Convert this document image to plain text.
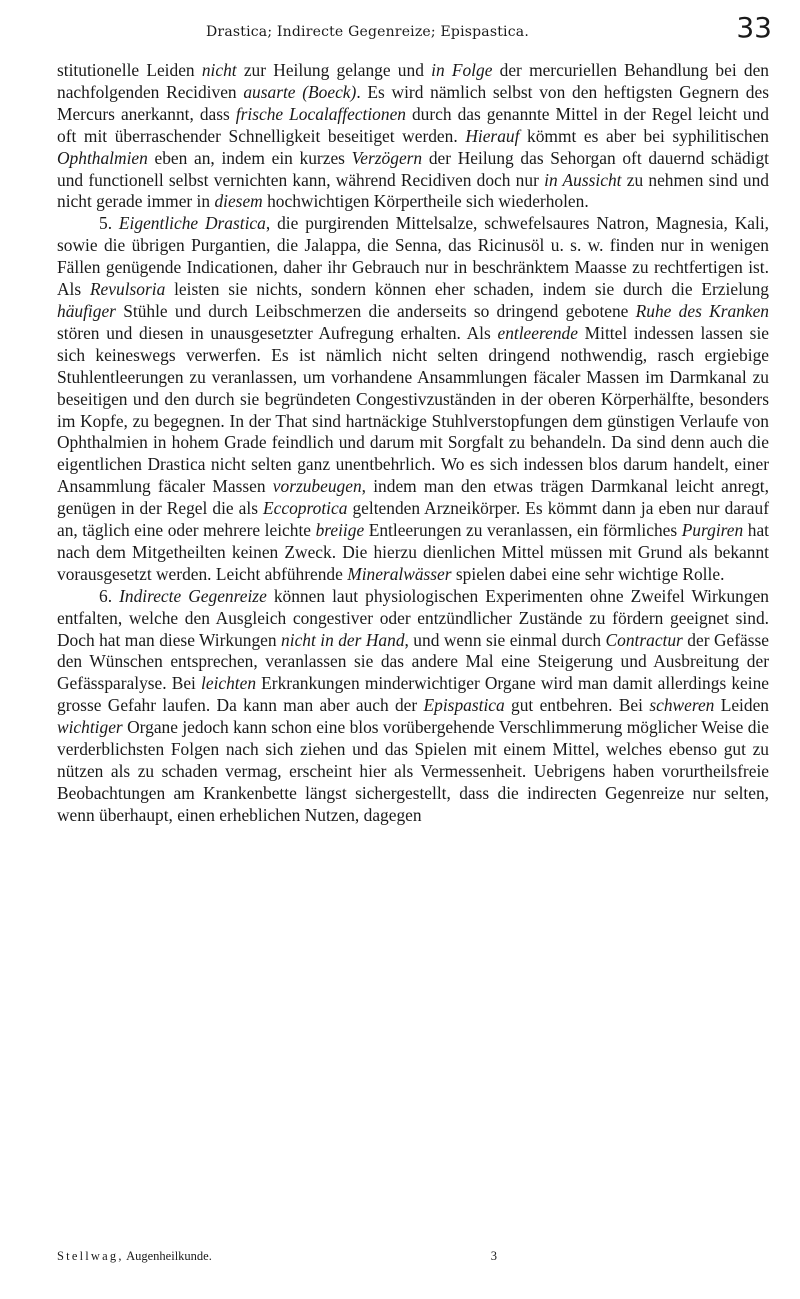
Drastica; Indirecte Gegenreize; Epispastica.	33

stitutionelle Leiden nicht zur Heilung gelange und in Folge der mercuriellen Behandlung bei den nachfolgenden Recidiven ausarte (Boeck). Es wird nämlich selbst von den heftigsten Gegnern des Mercurs anerkannt, dass frische Localaffectionen durch das genannte Mittel in der Regel leicht und oft mit überraschender Schnelligkeit beseitiget werden. Hierauf kömmt es aber bei syphilitischen Ophthalmien eben an, indem ein kurzes Verzögern der Heilung das Sehorgan oft dauernd schädigt und functionell selbst vernichten kann, während Recidiven doch nur in Aussicht zu nehmen sind und nicht gerade immer in diesem hochwichtigen Körpertheile sich wiederholen.

5. Eigentliche Drastica, die purgirenden Mittelsalze, schwefelsaures Natron, Magnesia, Kali, sowie die übrigen Purgantien, die Jalappa, die Senna, das Ricinusöl u. s. w. finden nur in wenigen Fällen genügende Indicationen, daher ihr Gebrauch nur in beschränktem Maasse zu rechtfertigen ist. Als Revulsoria leisten sie nichts, sondern können eher schaden, indem sie durch die Erzielung häufiger Stühle und durch Leibschmerzen die anderseits so dringend gebotene Ruhe des Kranken stören und diesen in unausgesetzter Aufregung erhalten. Als entleerende Mittel indessen lassen sie sich keineswegs verwerfen. Es ist nämlich nicht selten dringend nothwendig, rasch ergiebige Stuhlentleerungen zu veranlassen, um vorhandene Ansammlungen fäcaler Massen im Darmkanal zu beseitigen und den durch sie begründeten Congestivzuständen in der oberen Körperhälfte, besonders im Kopfe, zu begegnen. In der That sind hartnäckige Stuhlverstopfungen dem günstigen Verlaufe von Ophthalmien in hohem Grade feindlich und darum mit Sorgfalt zu behandeln. Da sind denn auch die eigentlichen Drastica nicht selten ganz unentbehrlich. Wo es sich indessen blos darum handelt, einer Ansammlung fäcaler Massen vorzubeugen, indem man den etwas trägen Darmkanal leicht anregt, genügen in der Regel die als Eccoprotica geltenden Arzneikörper. Es kömmt dann ja eben nur darauf an, täglich eine oder mehrere leichte breiige Entleerungen zu veranlassen, ein förmliches Purgiren hat nach dem Mitgetheilten keinen Zweck. Die hierzu dienlichen Mittel müssen mit Grund als bekannt vorausgesetzt werden. Leicht abführende Mineralwässer spielen dabei eine sehr wichtige Rolle.

6. Indirecte Gegenreize können laut physiologischen Experimenten ohne Zweifel Wirkungen entfalten, welche den Ausgleich congestiver oder entzündlicher Zustände zu fördern geeignet sind. Doch hat man diese Wirkungen nicht in der Hand, und wenn sie einmal durch Contractur der Gefässe den Wünschen entsprechen, veranlassen sie das andere Mal eine Steigerung und Ausbreitung der Gefässparalyse. Bei leichten Erkrankungen minderwichtiger Organe wird man damit allerdings keine grosse Gefahr laufen. Da kann man aber auch der Epispastica gut entbehren. Bei schweren Leiden wichtiger Organe jedoch kann schon eine blos vorübergehende Verschlimmerung möglicher Weise die verderblichsten Folgen nach sich ziehen und das Spielen mit einem Mittel, welches ebenso gut zu nützen als zu schaden vermag, erscheint hier als Vermessenheit. Uebrigens haben vorurtheilsfreie Beobachtungen am Krankenbette längst sichergestellt, dass die indirecten Gegenreize nur selten, wenn überhaupt, einen erheblichen Nutzen, dagegen

Stellwag, Augenheilkunde.	3
